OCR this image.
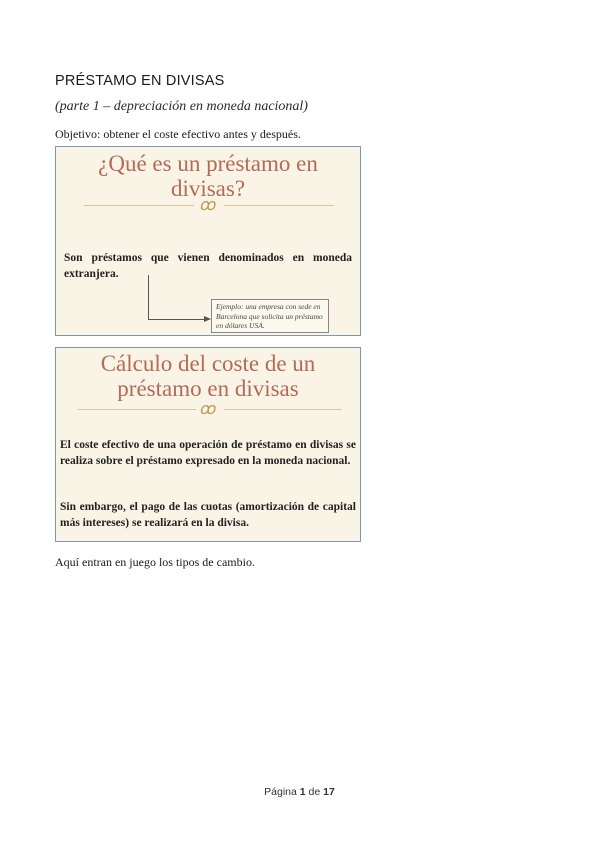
PRÉSTAMO EN DIVISAS
(parte 1 – depreciación en moneda nacional)
Objetivo: obtener el coste efectivo antes y después.
¿Qué es un préstamo en
divisas?
ꝏ
Son préstamos que vienen denominados en moneda extranjera.
Ejemplo: una empresa con sede en Barcelona que solicita un préstamo en dólares USA.
Cálculo del coste de un
préstamo en divisas
ꝏ
El coste efectivo de una operación de préstamo en divisas se realiza sobre el préstamo expresado en la moneda nacional.
Sin embargo, el pago de las cuotas (amortización de capital más intereses) se realizará en la divisa.
Aquí entran en juego los tipos de cambio.
Página 1 de 17
